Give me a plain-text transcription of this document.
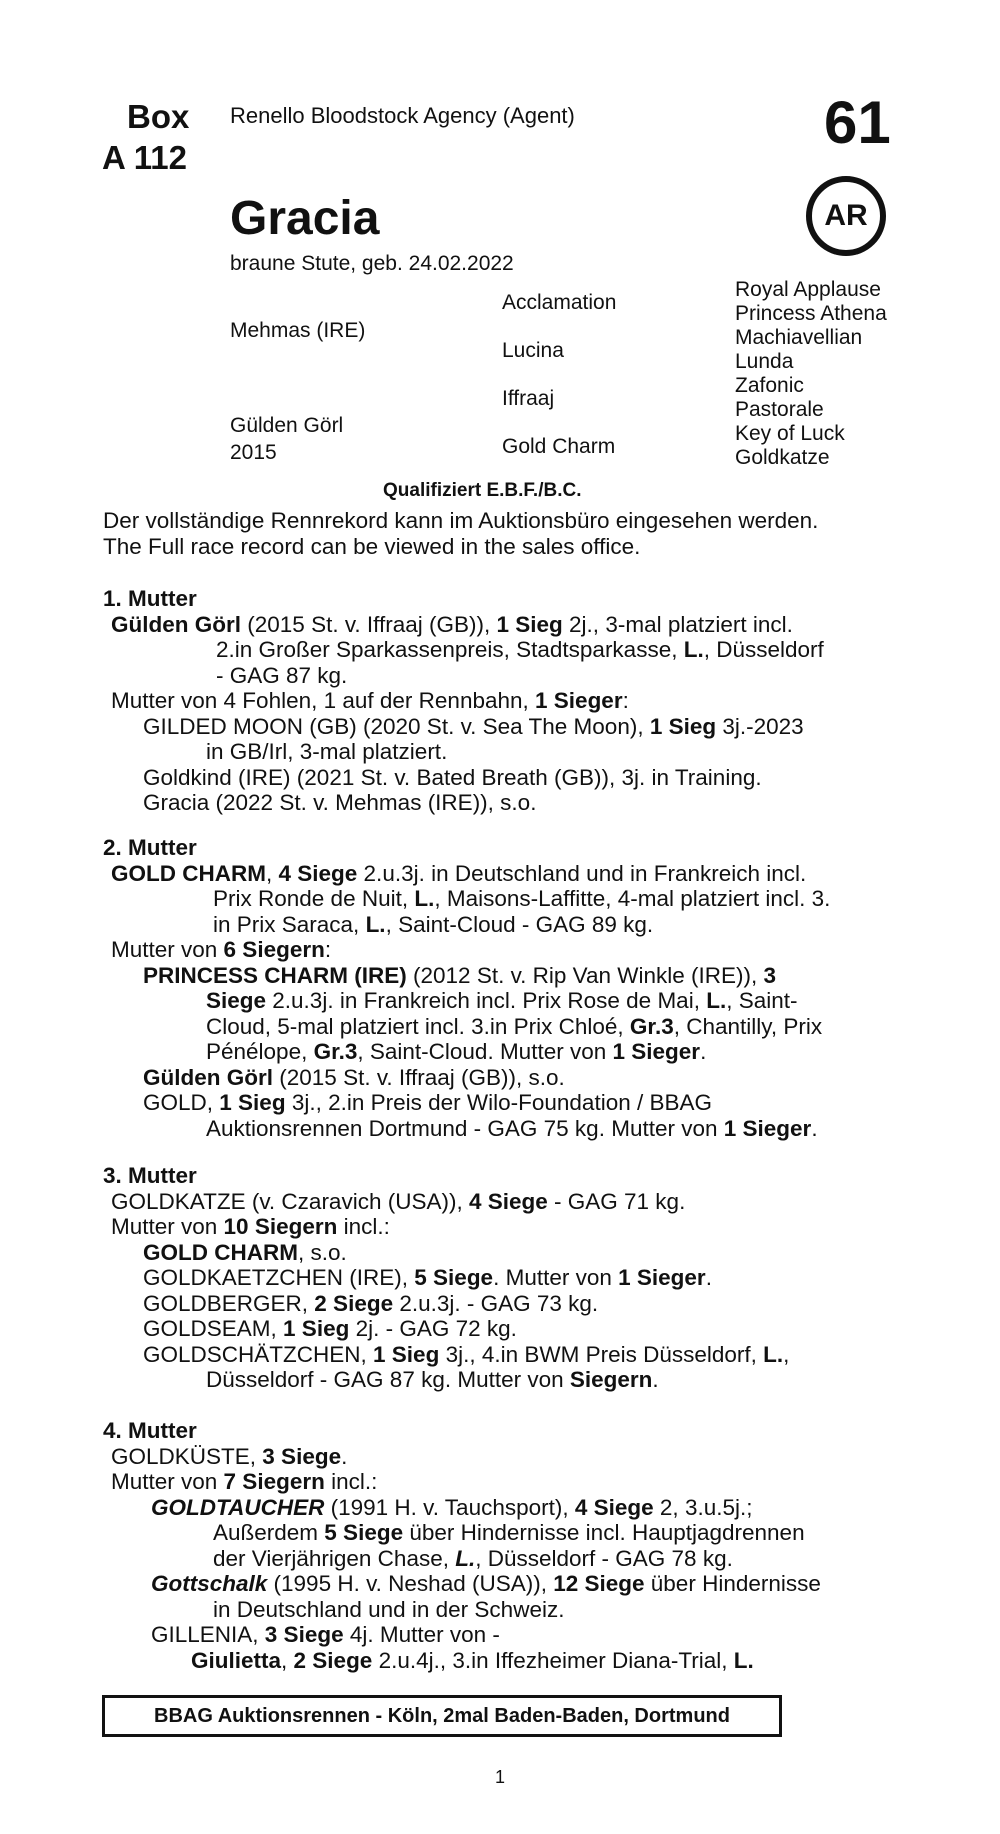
Box
A 112
Renello Bloodstock Agency (Agent)	61
Gracia	AR
braune Stute, geb. 24.02.2022
Mehmas (IRE)
Gülden Görl
2015
Acclamation
Lucina
Iffraaj
Gold Charm
Royal Applause
Princess Athena
Machiavellian
Lunda
Zafonic
Pastorale
Key of Luck
Goldkatze
Qualifiziert E.B.F./B.C.
Der vollständige Rennrekord kann im Auktionsbüro eingesehen werden.
The Full race record can be viewed in the sales office.

1. Mutter

Gülden Görl (2015 St. v. Iffraaj (GB)), 1 Sieg 2j., 3-mal platziert incl.

2.in Großer Sparkassenpreis, Stadtsparkasse, L., Düsseldorf

- GAG 87 kg.

Mutter von 4 Fohlen, 1 auf der Rennbahn, 1 Sieger:

GILDED MOON (GB) (2020 St. v. Sea The Moon), 1 Sieg 3j.-2023

in GB/Irl, 3-mal platziert.

Goldkind (IRE) (2021 St. v. Bated Breath (GB)), 3j. in Training.

Gracia (2022 St. v. Mehmas (IRE)), s.o.

2. Mutter

GOLD CHARM, 4 Siege 2.u.3j. in Deutschland und in Frankreich incl.

Prix Ronde de Nuit, L., Maisons-Laffitte, 4-mal platziert incl. 3.

in Prix Saraca, L., Saint-Cloud - GAG 89 kg.

Mutter von 6 Siegern:

PRINCESS CHARM (IRE) (2012 St. v. Rip Van Winkle (IRE)), 3

Siege 2.u.3j. in Frankreich incl. Prix Rose de Mai, L., Saint-

Cloud, 5-mal platziert incl. 3.in Prix Chloé, Gr.3, Chantilly, Prix

Pénélope, Gr.3, Saint-Cloud. Mutter von 1 Sieger.

Gülden Görl (2015 St. v. Iffraaj (GB)), s.o.

GOLD, 1 Sieg 3j., 2.in Preis der Wilo-Foundation / BBAG

Auktionsrennen Dortmund - GAG 75 kg. Mutter von 1 Sieger.

3. Mutter

GOLDKATZE (v. Czaravich (USA)), 4 Siege - GAG 71 kg.

Mutter von 10 Siegern incl.:

GOLD CHARM, s.o.

GOLDKAETZCHEN (IRE), 5 Siege. Mutter von 1 Sieger.

GOLDBERGER, 2 Siege 2.u.3j. - GAG 73 kg.

GOLDSEAM, 1 Sieg 2j. - GAG 72 kg.

GOLDSCHÄTZCHEN, 1 Sieg 3j., 4.in BWM Preis Düsseldorf, L.,

Düsseldorf - GAG 87 kg. Mutter von Siegern.

4. Mutter

GOLDKÜSTE, 3 Siege.

Mutter von 7 Siegern incl.:

GOLDTAUCHER (1991 H. v. Tauchsport), 4 Siege 2, 3.u.5j.;

Außerdem 5 Siege über Hindernisse incl. Hauptjagdrennen

der Vierjährigen Chase, L., Düsseldorf - GAG 78 kg.

Gottschalk (1995 H. v. Neshad (USA)), 12 Siege über Hindernisse

in Deutschland und in der Schweiz.

GILLENIA, 3 Siege 4j. Mutter von -

Giulietta, 2 Siege 2.u.4j., 3.in Iffezheimer Diana-Trial, L.

BBAG Auktionsrennen - Köln, 2mal Baden-Baden, Dortmund
1
